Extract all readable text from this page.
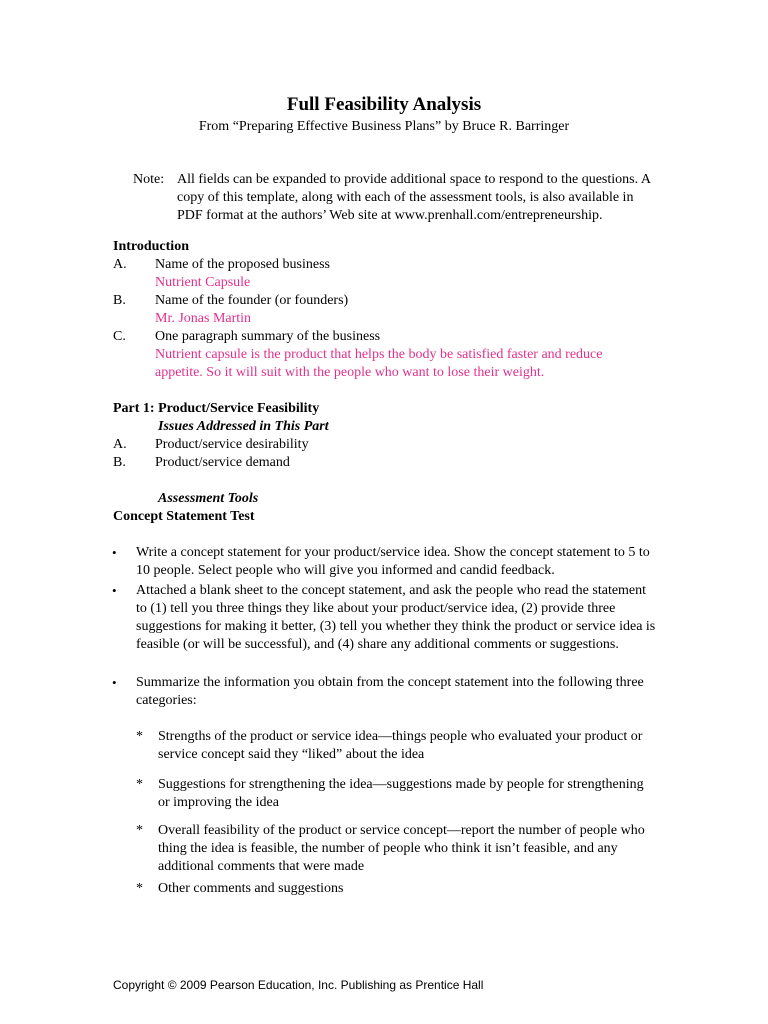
Full Feasibility Analysis
From “Preparing Effective Business Plans” by Bruce R. Barringer
Note: All fields can be expanded to provide additional space to respond to the questions. A copy of this template, along with each of the assessment tools, is also available in PDF format at the authors’ Web site at www.prenhall.com/entrepreneurship.
Introduction
A. Name of the proposed business
Nutrient Capsule
B. Name of the founder (or founders)
Mr. Jonas Martin
C. One paragraph summary of the business
Nutrient capsule is the product that helps the body be satisfied faster and reduce appetite. So it will suit with the people who want to lose their weight.
Part 1: Product/Service Feasibility
Issues Addressed in This Part
A. Product/service desirability
B. Product/service demand
Assessment Tools
Concept Statement Test
• Write a concept statement for your product/service idea. Show the concept statement to 5 to 10 people. Select people who will give you informed and candid feedback.
• Attached a blank sheet to the concept statement, and ask the people who read the statement to (1) tell you three things they like about your product/service idea, (2) provide three suggestions for making it better, (3) tell you whether they think the product or service idea is feasible (or will be successful), and (4) share any additional comments or suggestions.
• Summarize the information you obtain from the concept statement into the following three categories:
* Strengths of the product or service idea—things people who evaluated your product or service concept said they “liked” about the idea
* Suggestions for strengthening the idea—suggestions made by people for strengthening or improving the idea
* Overall feasibility of the product or service concept—report the number of people who thing the idea is feasible, the number of people who think it isn’t feasible, and any additional comments that were made
* Other comments and suggestions
Copyright © 2009 Pearson Education, Inc. Publishing as Prentice Hall
